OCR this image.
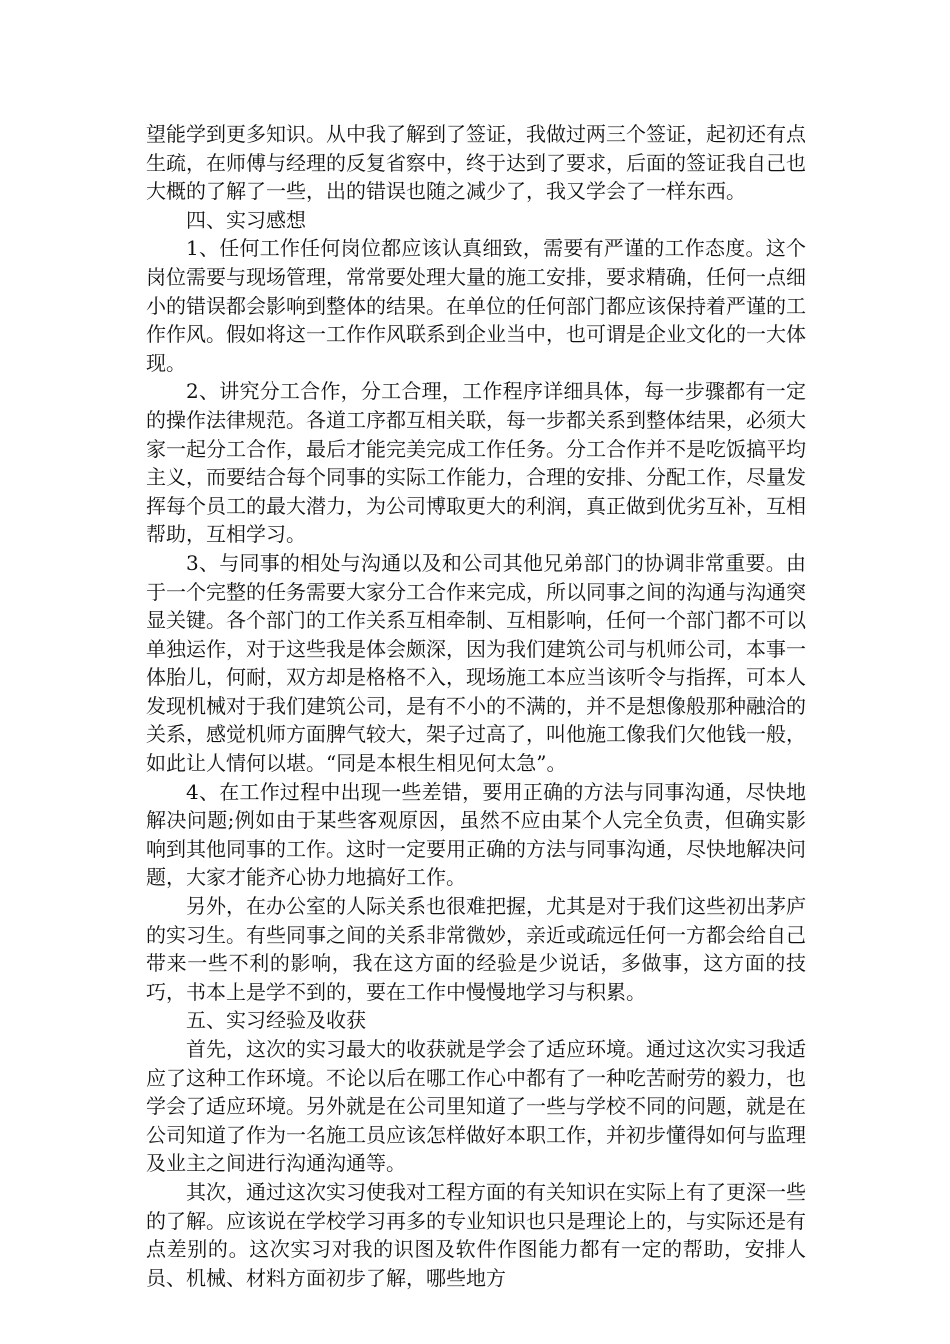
望能学到更多知识。从中我了解到了签证，我做过两三个签证，起初还有点生疏，在师傅与经理的反复省察中，终于达到了要求，后面的签证我自己也大概的了解了一些，出的错误也随之减少了，我又学会了一样东西。

四、实习感想

1、任何工作任何岗位都应该认真细致，需要有严谨的工作态度。这个岗位需要与现场管理，常常要处理大量的施工安排，要求精确，任何一点细小的错误都会影响到整体的结果。在单位的任何部门都应该保持着严谨的工作作风。假如将这一工作作风联系到企业当中，也可谓是企业文化的一大体现。

2、讲究分工合作，分工合理，工作程序详细具体，每一步骤都有一定的操作法律规范。各道工序都互相关联，每一步都关系到整体结果，必须大家一起分工合作，最后才能完美完成工作任务。分工合作并不是吃饭搞平均主义，而要结合每个同事的实际工作能力，合理的安排、分配工作，尽量发挥每个员工的最大潜力，为公司博取更大的利润，真正做到优劣互补，互相帮助，互相学习。

3、与同事的相处与沟通以及和公司其他兄弟部门的协调非常重要。由于一个完整的任务需要大家分工合作来完成，所以同事之间的沟通与沟通突显关键。各个部门的工作关系互相牵制、互相影响，任何一个部门都不可以单独运作，对于这些我是体会颇深，因为我们建筑公司与机师公司，本事一体胎儿，何耐，双方却是格格不入，现场施工本应当该听令与指挥，可本人发现机械对于我们建筑公司，是有不小的不满的，并不是想像般那种融洽的关系，感觉机师方面脾气较大，架子过高了，叫他施工像我们欠他钱一般，如此让人情何以堪。“同是本根生相见何太急”。

4、在工作过程中出现一些差错，要用正确的方法与同事沟通，尽快地解决问题;例如由于某些客观原因，虽然不应由某个人完全负责，但确实影响到其他同事的工作。这时一定要用正确的方法与同事沟通，尽快地解决问题，大家才能齐心协力地搞好工作。

另外，在办公室的人际关系也很难把握，尤其是对于我们这些初出茅庐的实习生。有些同事之间的关系非常微妙，亲近或疏远任何一方都会给自己带来一些不利的影响，我在这方面的经验是少说话，多做事，这方面的技巧，书本上是学不到的，要在工作中慢慢地学习与积累。

五、实习经验及收获

首先，这次的实习最大的收获就是学会了适应环境。通过这次实习我适应了这种工作环境。不论以后在哪工作心中都有了一种吃苦耐劳的毅力，也学会了适应环境。另外就是在公司里知道了一些与学校不同的问题，就是在公司知道了作为一名施工员应该怎样做好本职工作，并初步懂得如何与监理及业主之间进行沟通沟通等。

其次，通过这次实习使我对工程方面的有关知识在实际上有了更深一些的了解。应该说在学校学习再多的专业知识也只是理论上的，与实际还是有点差别的。这次实习对我的识图及软件作图能力都有一定的帮助，安排人员、机械、材料方面初步了解，哪些地方
